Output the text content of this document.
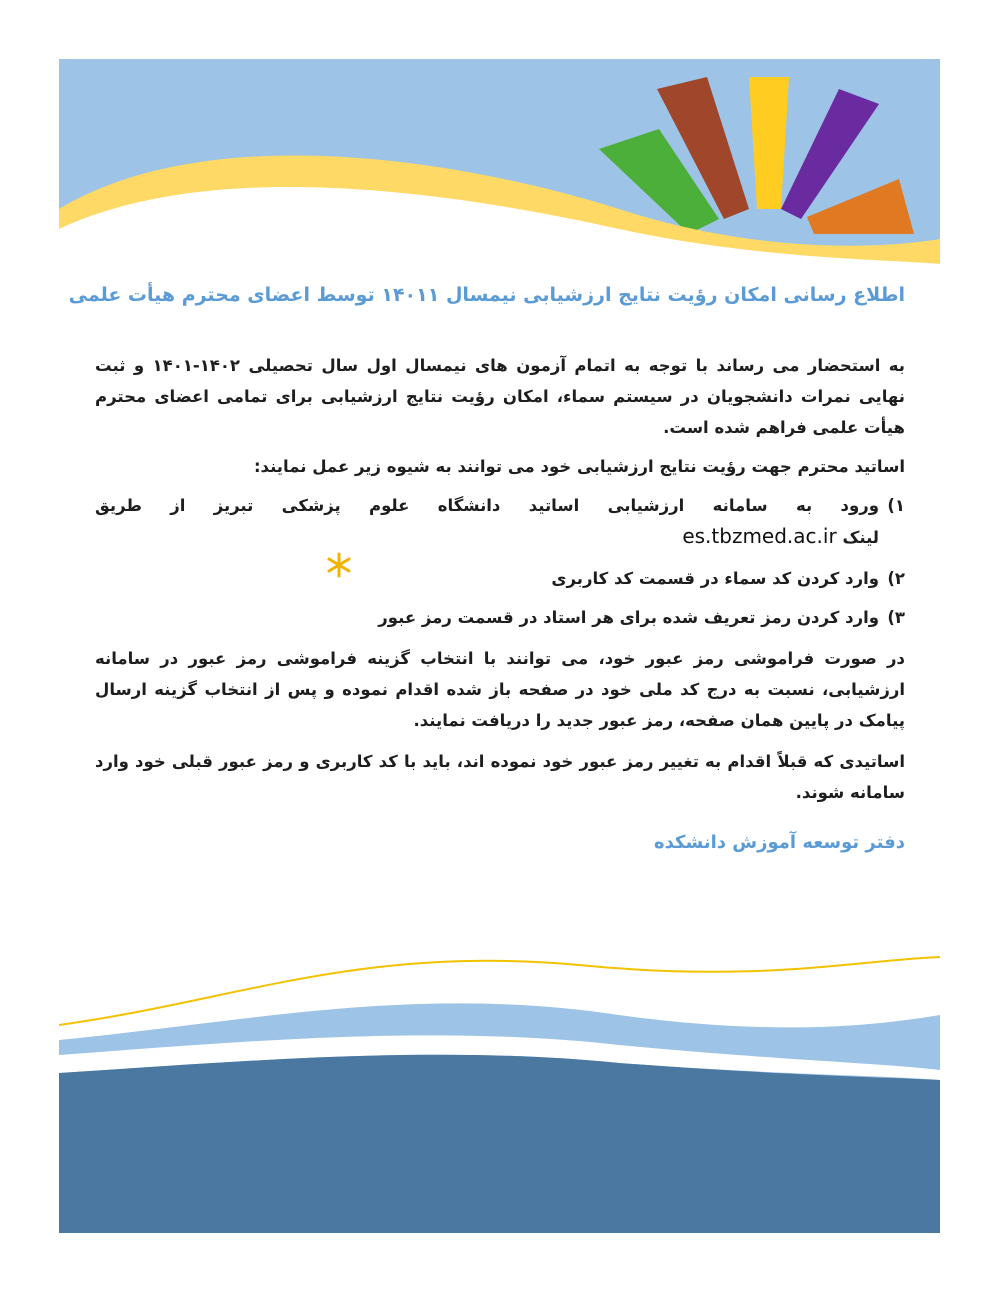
اطلاع رسانی امکان رؤیت نتایج ارزشیابی نیمسال ۱۴۰۱۱ توسط اعضای محترم هیأت علمی

به استحضار می رساند با توجه به اتمام آزمون های نیمسال اول سال تحصیلی ۱۴۰۲-۱۴۰۱ و ثبت نهایی نمرات دانشجویان در سیستم سماء، امکان رؤیت نتایج ارزشیابی برای تمامی اعضای محترم هیأت علمی فراهم شده است.

اساتید محترم جهت رؤیت نتایج ارزشیابی خود می توانند به شیوه زیر عمل نمایند:

۱)ورود به سامانه ارزشیابی اساتید دانشگاه علوم پزشکی تبریز از طریق
لینک es.tbzmed.ac.ir
۲)وارد کردن کد سماء در قسمت کد کاربری
۳)وارد کردن رمز تعریف شده برای هر استاد در قسمت رمز عبور

در صورت فراموشی رمز عبور خود، می توانند با انتخاب گزینه فراموشی رمز عبور در سامانه ارزشیابی، نسبت به درج کد ملی خود در صفحه باز شده اقدام نموده و پس از انتخاب گزینه ارسال پیامک در پایین همان صفحه، رمز عبور جدید را دریافت نمایند.

اساتیدی که قبلاً اقدام به تغییر رمز عبور خود نموده اند، باید با کد کاربری و رمز عبور قبلی خود وارد سامانه شوند.

دفتر توسعه آموزش دانشکده
